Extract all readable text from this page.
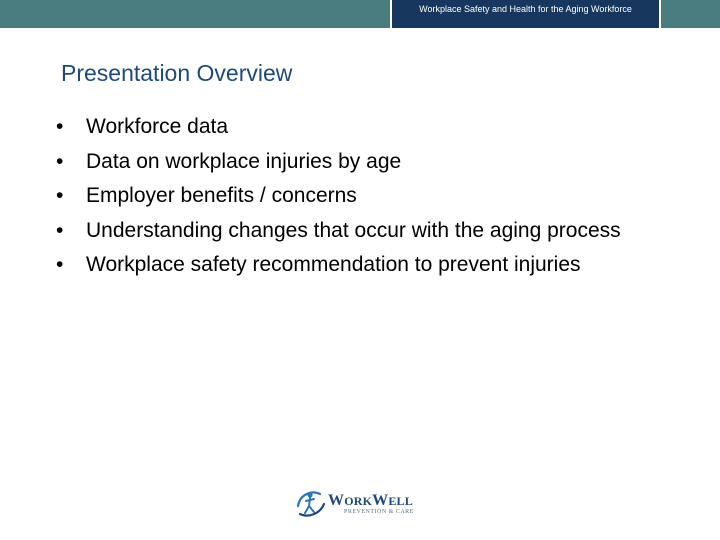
Workplace Safety and Health for the Aging Workforce
Presentation Overview
• Workforce data
• Data on workplace injuries by age
• Employer benefits / concerns
• Understanding changes that occur with the aging process
• Workplace safety recommendation to prevent injuries
WORKWELL
PREVENTION & CARE
